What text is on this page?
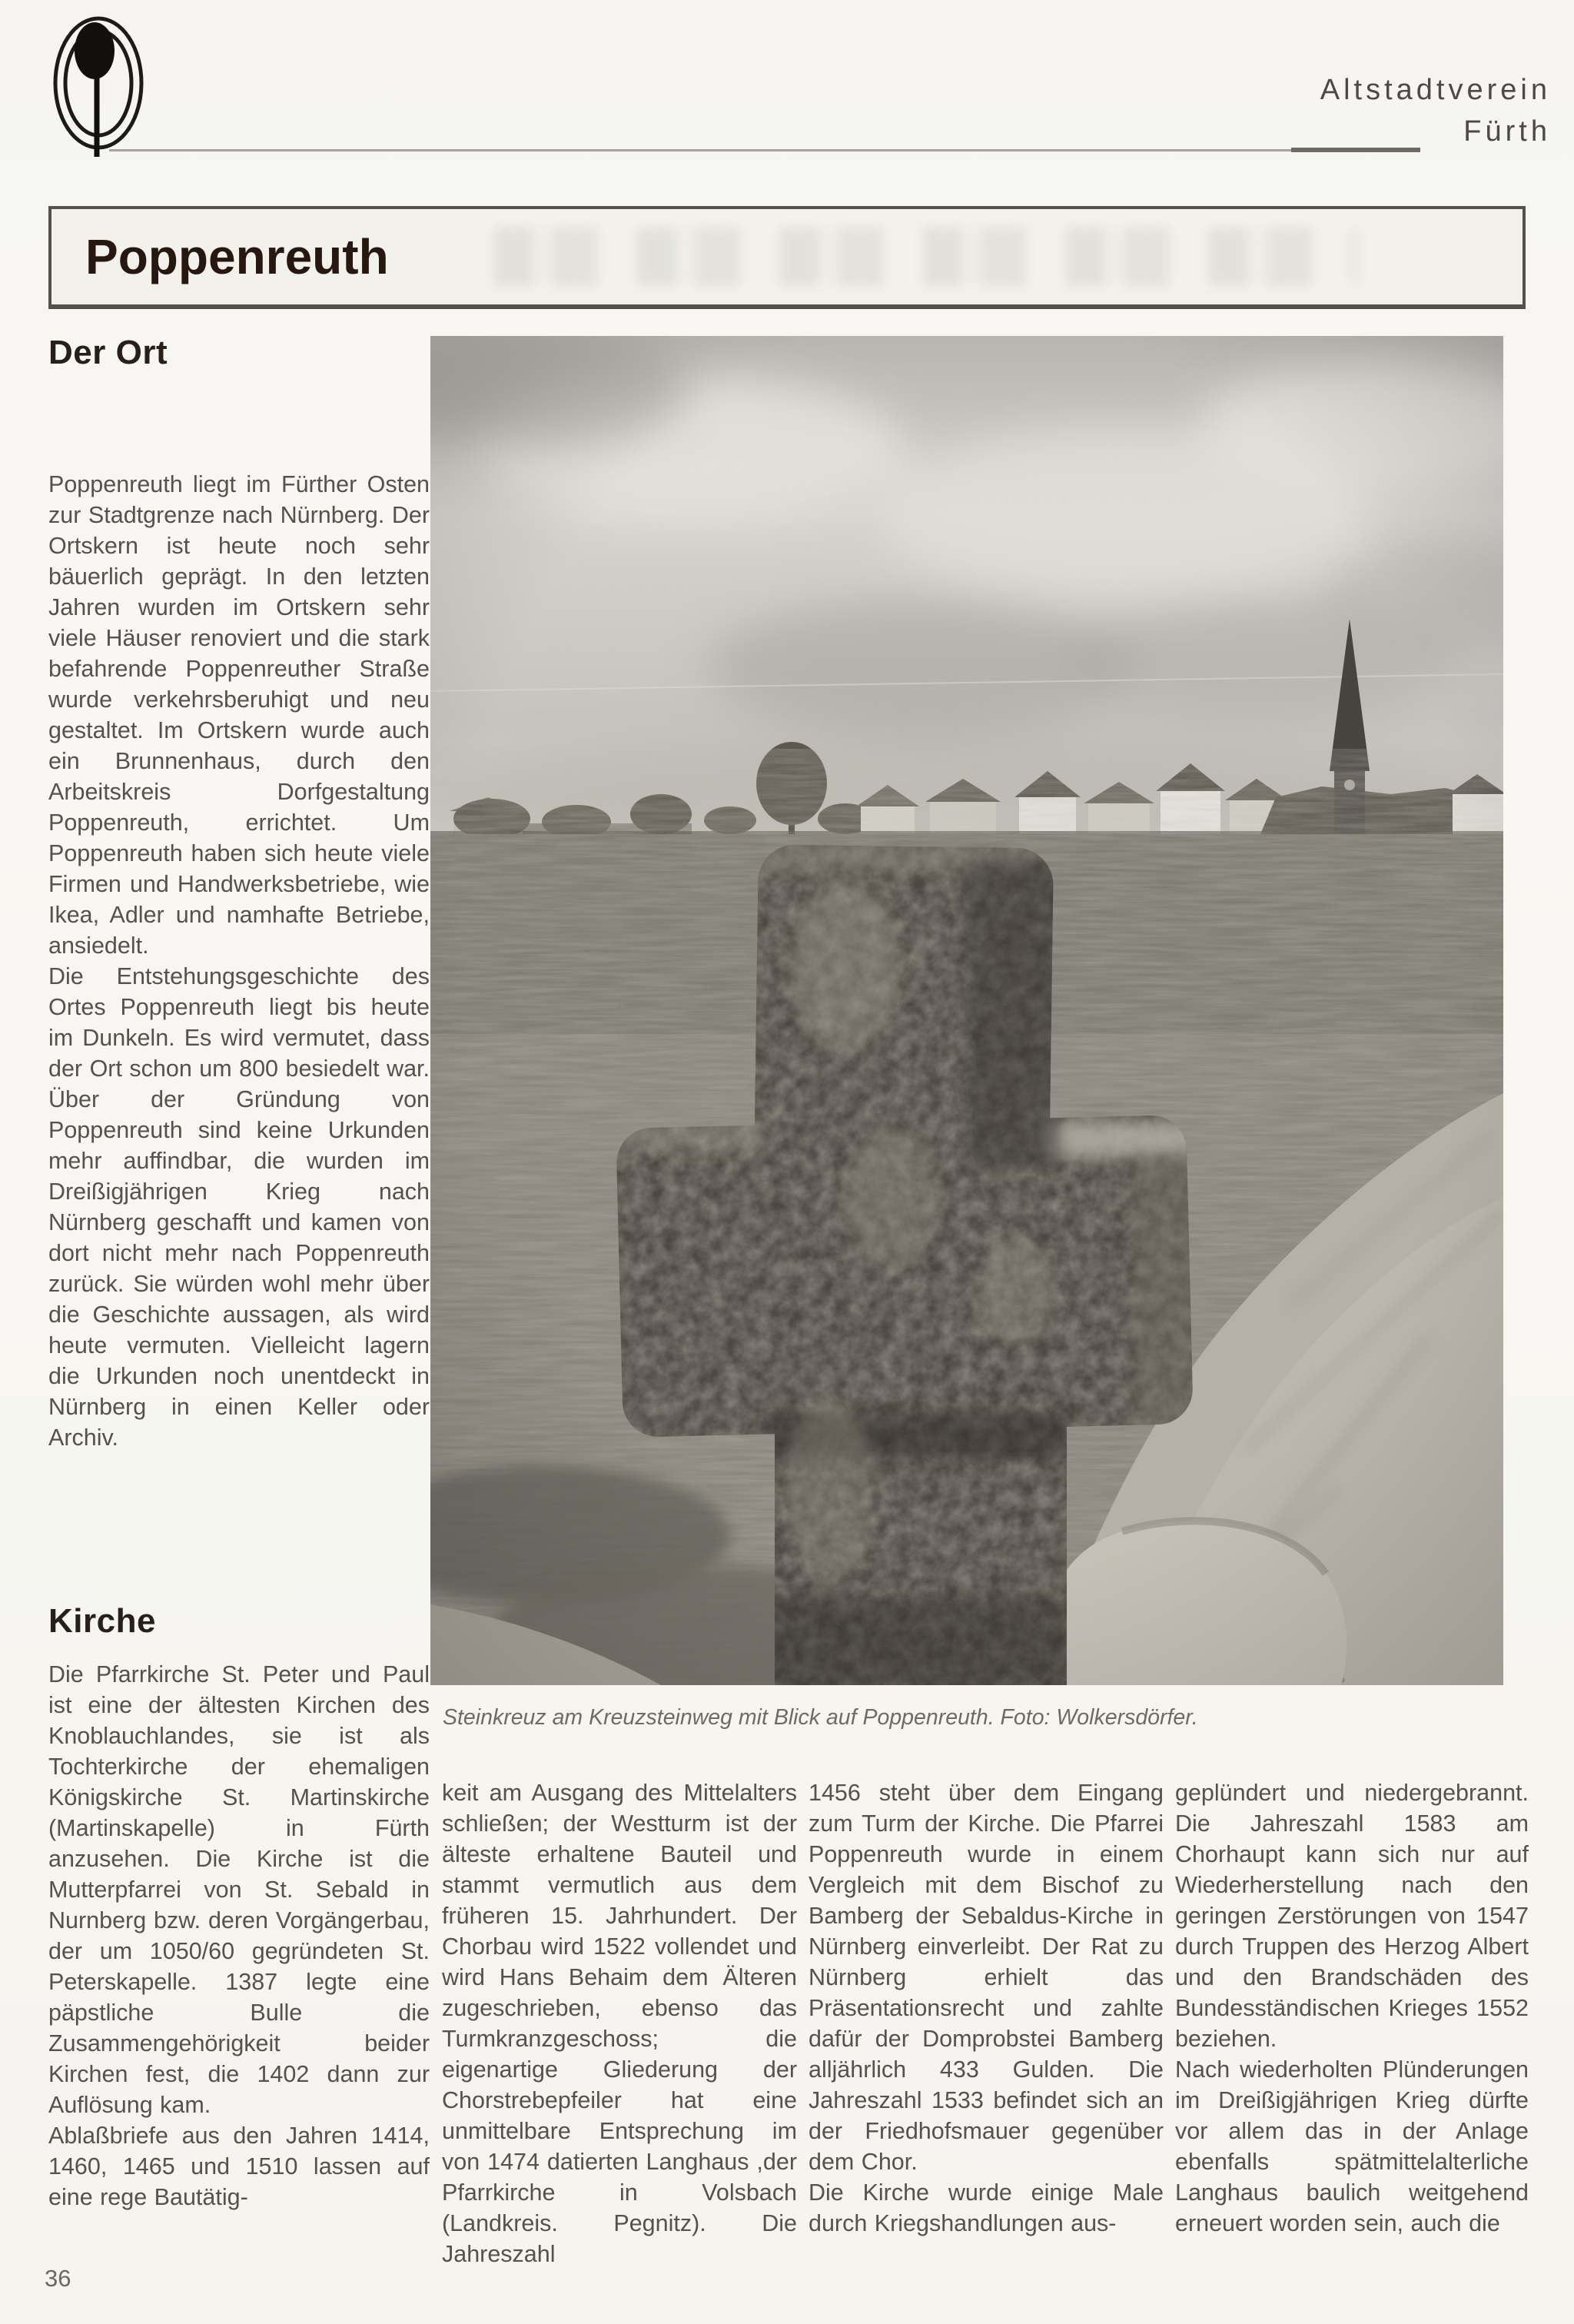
Altstadtverein
Fürth
Poppenreuth
Der Ort

Poppenreuth liegt im Fürther Osten zur Stadtgrenze nach Nürnberg. Der Ortskern ist heute noch sehr bäuerlich geprägt. In den letzten Jahren wurden im Ortskern sehr viele Häuser renoviert und die stark befahrende Poppenreuther Straße wurde verkehrsberuhigt und neu gestaltet. Im Ortskern wurde auch ein Brunnenhaus, durch den Arbeitskreis Dorfgestaltung Poppenreuth, errichtet. Um Poppenreuth haben sich heute viele Firmen und Handwerksbetriebe, wie Ikea, Adler und namhafte Betriebe, ansiedelt.

Die Entstehungsgeschichte des Ortes Poppenreuth liegt bis heute im Dunkeln. Es wird vermutet, dass der Ort schon um 800 besiedelt war. Über der Gründung von Poppenreuth sind keine Urkunden mehr auffindbar, die wurden im Dreißigjährigen Krieg nach Nürnberg geschafft und kamen von dort nicht mehr nach Poppenreuth zurück. Sie würden wohl mehr über die Geschichte aussagen, als wird heute vermuten. Vielleicht lagern die Urkunden noch unentdeckt in Nürnberg in einen Keller oder Archiv.

Steinkreuz am Kreuzsteinweg mit Blick auf Poppenreuth. Foto: Wolkersdörfer.
Kirche

Die Pfarrkirche St. Peter und Paul ist eine der ältesten Kirchen des Knoblauchlandes, sie ist als Tochterkirche der ehemaligen Königskirche St. Martinskirche (Martinskapelle) in Fürth anzusehen. Die Kirche ist die Mutterpfarrei von St. Sebald in Nurnberg bzw. deren Vorgängerbau, der um 1050/60 gegründeten St. Peterskapelle. 1387 legte eine päpstliche Bulle die Zusammengehörigkeit beider Kirchen fest, die 1402 dann zur Auflösung kam.

Ablaßbriefe aus den Jahren 1414, 1460, 1465 und 1510 lassen auf eine rege Bautätig-

keit am Ausgang des Mittelalters schließen; der Westturm ist der älteste erhaltene Bauteil und stammt vermutlich aus dem früheren 15. Jahrhundert. Der Chorbau wird 1522 vollendet und wird Hans Behaim dem Älteren zugeschrieben, ebenso das Turmkranzgeschoss; die eigenartige Gliederung der Chorstrebepfeiler hat eine unmittelbare Entsprechung im von 1474 datierten Langhaus ,der Pfarrkirche in Volsbach (Landkreis. Pegnitz). Die Jahreszahl

1456 steht über dem Eingang zum Turm der Kirche. Die Pfarrei Poppenreuth wurde in einem Vergleich mit dem Bischof zu Bamberg der Sebaldus-Kirche in Nürnberg einverleibt. Der Rat zu Nürnberg erhielt das Präsentationsrecht und zahlte dafür der Domprobstei Bamberg alljährlich 433 Gulden. Die Jahreszahl 1533 befindet sich an der Friedhofsmauer gegenüber dem Chor.

Die Kirche wurde einige Male durch Kriegshandlungen aus-

geplündert und niedergebrannt. Die Jahreszahl 1583 am Chorhaupt kann sich nur auf Wiederherstellung nach den geringen Zerstörungen von 1547 durch Truppen des Herzog Albert und den Brandschäden des Bundesständischen Krieges 1552 beziehen.

Nach wiederholten Plünderungen im Dreißigjährigen Krieg dürfte vor allem das in der Anlage ebenfalls spätmittelalterliche Langhaus baulich weitgehend erneuert worden sein, auch die

36
